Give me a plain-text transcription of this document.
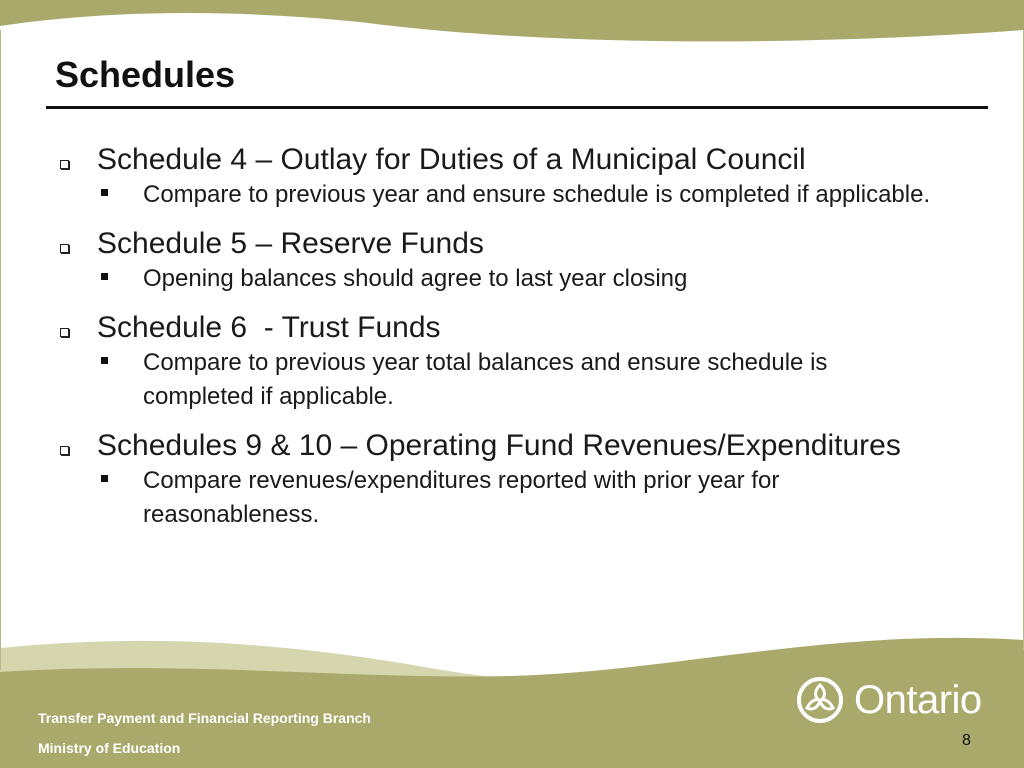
Schedules
Schedule 4 – Outlay for Duties of a Municipal Council
Compare to previous year and ensure schedule is completed if applicable.
Schedule 5 – Reserve Funds
Opening balances should agree to last year closing
Schedule 6  - Trust Funds
Compare to previous year total balances and ensure schedule is completed if applicable.
Schedules 9 & 10 – Operating Fund Revenues/Expenditures
Compare revenues/expenditures reported with prior year for reasonableness.
Transfer Payment and Financial Reporting Branch
Ministry of Education
Ontario
8
